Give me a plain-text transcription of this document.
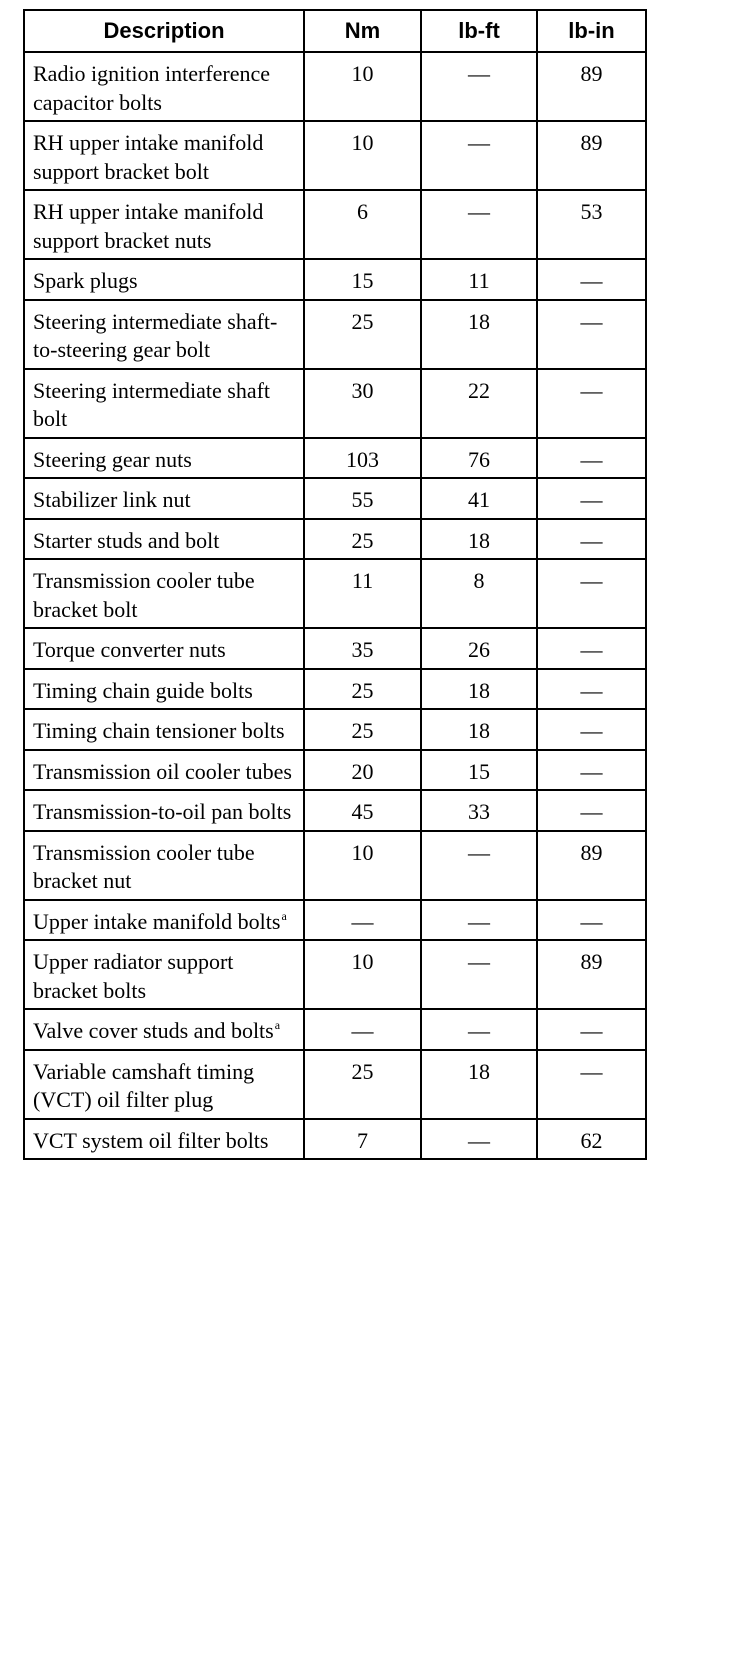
Description	Nm	lb-ft	lb-in
Radio ignition interference capacitor bolts	10	—	89
RH upper intake manifold support bracket bolt	10	—	89
RH upper intake manifold support bracket nuts	6	—	53
Spark plugs	15	11	—
Steering intermediate shaft-to-steering gear bolt	25	18	—
Steering intermediate shaft bolt	30	22	—
Steering gear nuts	103	76	—
Stabilizer link nut	55	41	—
Starter studs and bolt	25	18	—
Transmission cooler tube bracket bolt	11	8	—
Torque converter nuts	35	26	—
Timing chain guide bolts	25	18	—
Timing chain tensioner bolts	25	18	—
Transmission oil cooler tubes	20	15	—
Transmission-to-oil pan bolts	45	33	—
Transmission cooler tube bracket nut	10	—	89
Upper intake manifold bolts$^a$	—	—	—
Upper radiator support bracket bolts	10	—	89
Valve cover studs and bolts$^a$	—	—	—
Variable camshaft timing (VCT) oil filter plug	25	18	—
VCT system oil filter bolts	7	—	62
